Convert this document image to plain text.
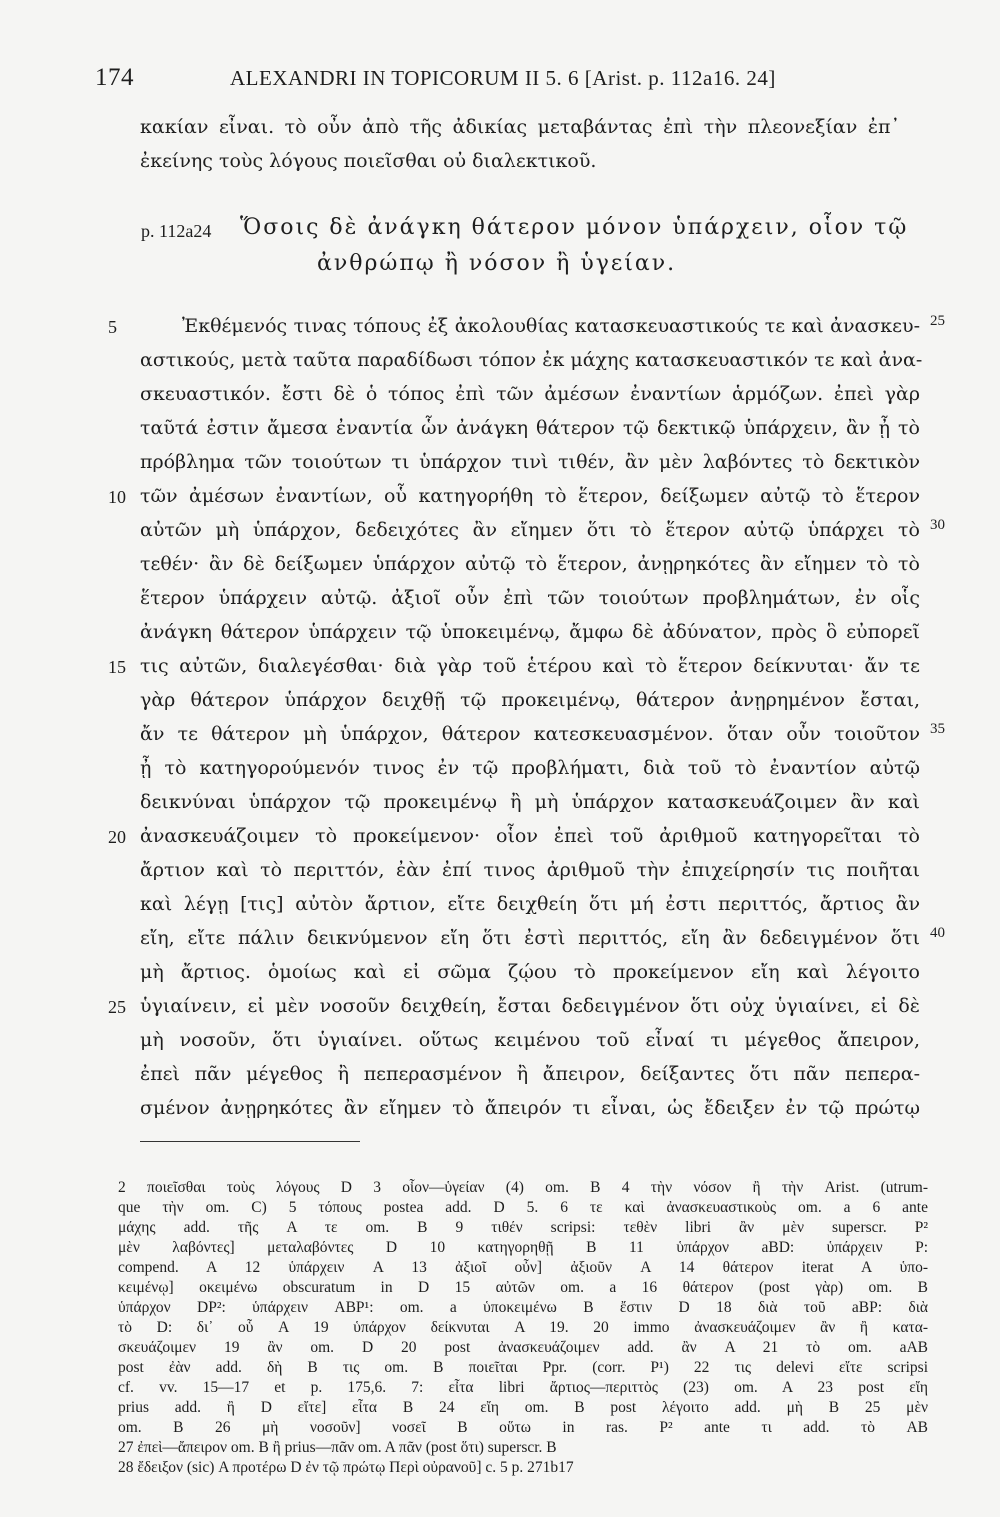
174	ALEXANDRI IN TOPICORUM II 5. 6 [Arist. p. 112a16. 24]
κακίαν εἶναι. τὸ οὖν ἀπὸ τῆς ἀδικίας μεταβάντας ἐπὶ τὴν πλεονεξίαν ἐπ᾽
ἐκείνης τοὺς λόγους ποιεῖσθαι οὐ διαλεκτικοῦ.
p. 112a24 Ὅσοις δὲ ἀνάγκη θάτερον μόνον ὑπάρχειν, οἷον τῷ
ἀνθρώπῳ ἢ νόσον ἢ ὑγείαν.
Ἐκθέμενός τινας τόπους ἐξ ἀκολουθίας κατασκευαστικούς τε καὶ ἀνασκευ-
αστικούς, μετὰ ταῦτα παραδίδωσι τόπον ἐκ μάχης κατασκευαστικόν τε καὶ ἀνα-
σκευαστικόν. ἔστι δὲ ὁ τόπος ἐπὶ τῶν ἀμέσων ἐναντίων ἁρμόζων. ἐπεὶ γὰρ
ταῦτά ἐστιν ἄμεσα ἐναντία ὧν ἀνάγκη θάτερον τῷ δεκτικῷ ὑπάρχειν, ἂν ᾖ τὸ
πρόβλημα τῶν τοιούτων τι ὑπάρχον τινὶ τιθέν, ἂν μὲν λαβόντες τὸ δεκτικὸν
τῶν ἀμέσων ἐναντίων, οὗ κατηγορήθη τὸ ἕτερον, δείξωμεν αὐτῷ τὸ ἕτερον
αὐτῶν μὴ ὑπάρχον, δεδειχότες ἂν εἴημεν ὅτι τὸ ἕτερον αὐτῷ ὑπάρχει τὸ
τεθέν· ἂν δὲ δείξωμεν ὑπάρχον αὐτῷ τὸ ἕτερον, ἀνῃρηκότες ἂν εἴημεν τὸ τὸ
ἕτερον ὑπάρχειν αὐτῷ. ἀξιοῖ οὖν ἐπὶ τῶν τοιούτων προβλημάτων, ἐν οἷς
ἀνάγκη θάτερον ὑπάρχειν τῷ ὑποκειμένῳ, ἄμφω δὲ ἀδύνατον, πρὸς ὃ εὐπορεῖ
τις αὐτῶν, διαλεγέσθαι· διὰ γὰρ τοῦ ἑτέρου καὶ τὸ ἕτερον δείκνυται· ἄν τε
γὰρ θάτερον ὑπάρχον δειχθῇ τῷ προκειμένῳ, θάτερον ἀνῃρημένον ἔσται,
ἄν τε θάτερον μὴ ὑπάρχον, θάτερον κατεσκευασμένον. ὅταν οὖν τοιοῦτον
ᾖ τὸ κατηγορούμενόν τινος ἐν τῷ προβλήματι, διὰ τοῦ τὸ ἐναντίον αὐτῷ
δεικνύναι ὑπάρχον τῷ προκειμένῳ ἢ μὴ ὑπάρχον κατασκευάζοιμεν ἂν καὶ
ἀνασκευάζοιμεν τὸ προκείμενον· οἷον ἐπεὶ τοῦ ἀριθμοῦ κατηγορεῖται τὸ
ἄρτιον καὶ τὸ περιττόν, ἐὰν ἐπί τινος ἀριθμοῦ τὴν ἐπιχείρησίν τις ποιῆται
καὶ λέγῃ [τις] αὐτὸν ἄρτιον, εἴτε δειχθείη ὅτι μή ἐστι περιττός, ἄρτιος ἂν
εἴη, εἴτε πάλιν δεικνύμενον εἴη ὅτι ἐστὶ περιττός, εἴη ἂν δεδειγμένον ὅτι
μὴ ἄρτιος. ὁμοίως καὶ εἰ σῶμα ζῴου τὸ προκείμενον εἴη καὶ λέγοιτο
ὑγιαίνειν, εἰ μὲν νοσοῦν δειχθείη, ἔσται δεδειγμένον ὅτι οὐχ ὑγιαίνει, εἰ δὲ
μὴ νοσοῦν, ὅτι ὑγιαίνει. οὕτως κειμένου τοῦ εἶναί τι μέγεθος ἄπειρον,
ἐπεὶ πᾶν μέγεθος ἢ πεπερασμένον ἢ ἄπειρον, δείξαντες ὅτι πᾶν πεπερα-
σμένον ἀνῃρηκότες ἂν εἴημεν τὸ ἄπειρόν τι εἶναι, ὡς ἔδειξεν ἐν τῷ πρώτῳ
5
10
15
20
25
25
30
35
40
2 ποιεῖσθαι τοὺς λόγους D 3 οἷον—ὑγείαν (4) om. B 4 τὴν νόσον ἢ τὴν Arist. (utrum-
que τὴν om. C) 5 τόπους postea add. D 5. 6 τε καὶ ἀνασκευαστικοὺς om. a 6 ante
μάχης add. τῆς A τε om. B 9 τιθέν scripsi: τεθὲν libri ἂν μὲν superscr. P²
μὲν λαβόντες] μεταλαβόντες D 10 κατηγορηθῇ B 11 ὑπάρχον aBD: ὑπάρχειν P:
compend. A 12 ὑπάρχειν A 13 ἀξιοῖ οὖν] ἀξιοῦν A 14 θάτερον iterat A ὑπο-
κειμένῳ] οκειμένω obscuratum in D 15 αὐτῶν om. a 16 θάτερον (post γὰρ) om. B
ὑπάρχον DP²: ὑπάρχειν ABP¹: om. a ὑποκειμένω B ἔστιν D 18 διὰ τοῦ aBP: διὰ
τὸ D: δι᾽ οὗ A 19 ὑπάρχον δείκνυται A 19. 20 immo ἀνασκευάζοιμεν ἂν ἢ κατα-
σκευάζοιμεν 19 ἂν om. D 20 post ἀνασκευάζοιμεν add. ἂν A 21 τὸ om. aAB
post ἐὰν add. δὴ B τις om. B ποιεῖται Ppr. (corr. P¹) 22 τις delevi εἴτε scripsi
cf. vv. 15—17 et p. 175,6. 7: εἶτα libri ἄρτιος—περιττὸς (23) om. A 23 post εἴη
prius add. ἢ D εἴτε] εἶτα B 24 εἴη om. B post λέγοιτο add. μὴ B 25 μὲν
om. B 26 μὴ νοσοῦν] νοσεῖ B οὕτω in ras. P² ante τι add. τὸ AB
27 ἐπεὶ—ἄπειρον om. B ἢ prius—πᾶν om. A πᾶν (post ὅτι) superscr. B
28 ἔδειξον (sic) A προτέρω D ἐν τῷ πρώτῳ Περὶ οὐρανοῦ] c. 5 p. 271b17
